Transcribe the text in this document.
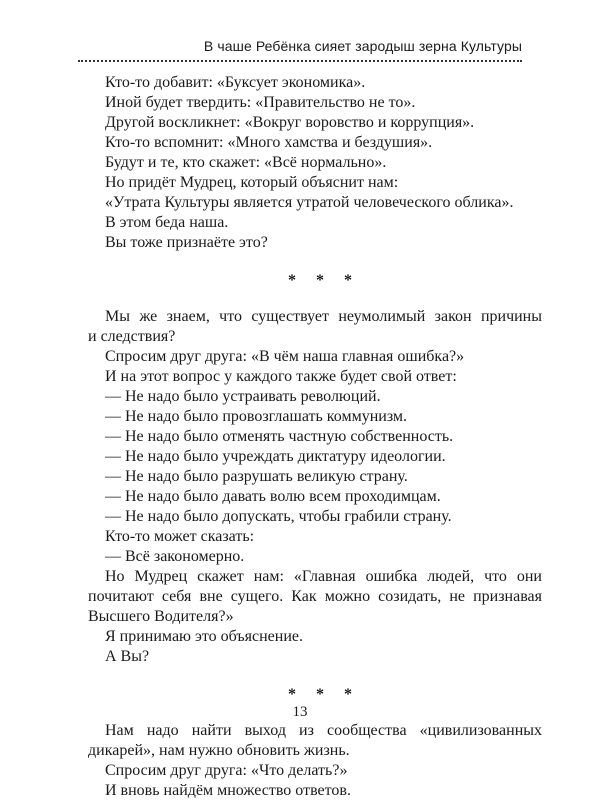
В чаше Ребёнка сияет зародыш зерна Культуры
Кто-то добавит: «Буксует экономика».
Иной будет твердить: «Правительство не то».
Другой воскликнет: «Вокруг воровство и коррупция».
Кто-то вспомнит: «Много хамства и бездушия».
Будут и те, кто скажет: «Всё нормально».
Но придёт Мудрец, который объяснит нам:
«Утрата Культуры является утратой человеческого облика».
В этом беда наша.
Вы тоже признаёте это?
* * *
Мы же знаем, что существует неумолимый закон причины
и следствия?
Спросим друг друга: «В чём наша главная ошибка?»
И на этот вопрос у каждого также будет свой ответ:
— Не надо было устраивать революций.
— Не надо было провозглашать коммунизм.
— Не надо было отменять частную собственность.
— Не надо было учреждать диктатуру идеологии.
— Не надо было разрушать великую страну.
— Не надо было давать волю всем проходимцам.
— Не надо было допускать, чтобы грабили страну.
Кто-то может сказать:
— Всё закономерно.
Но Мудрец скажет нам: «Главная ошибка людей, что они
почитают себя вне сущего. Как можно созидать, не признавая
Высшего Водителя?»
Я принимаю это объяснение.
А Вы?
* * *
Нам надо найти выход из сообщества «цивилизованных
дикарей», нам нужно обновить жизнь.
Спросим друг друга: «Что делать?»
И вновь найдём множество ответов.
13
